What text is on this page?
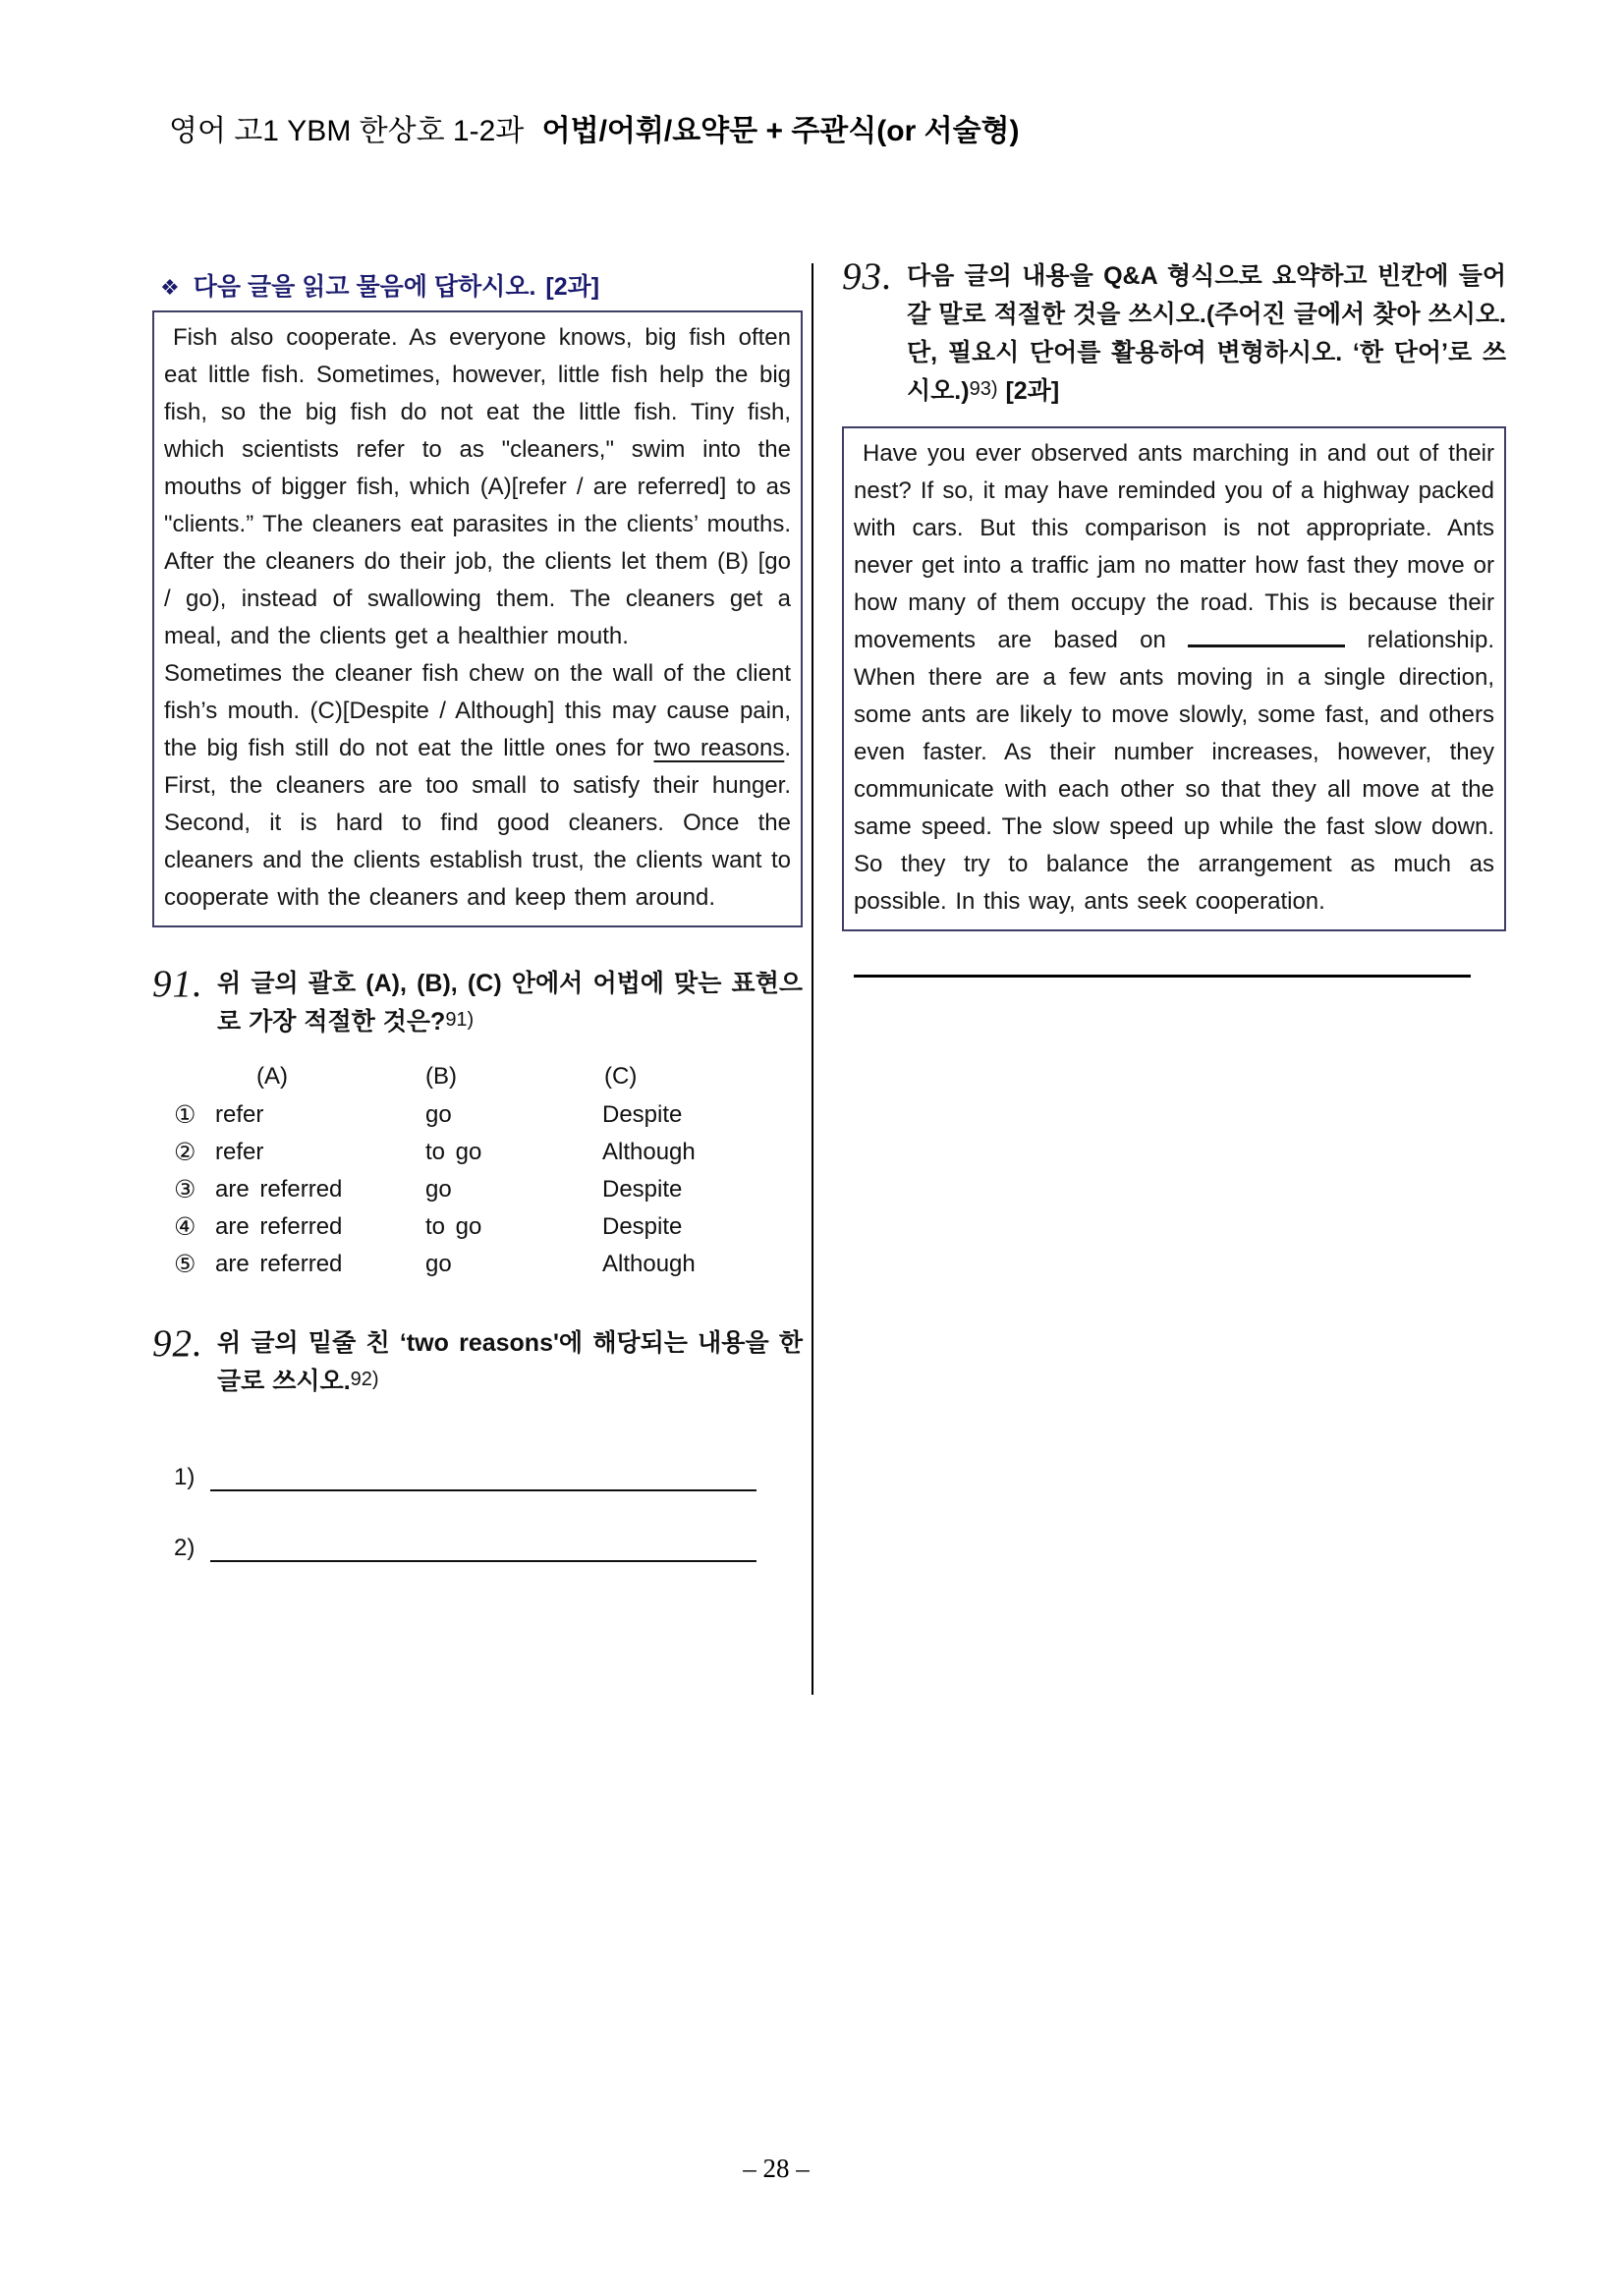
영어 고1 YBM 한상호 1-2과 어법/어휘/요약문 + 주관식(or 서술형)
❖ 다음 글을 읽고 물음에 답하시오. [2과]

Fish also cooperate. As everyone knows, big fish often eat little fish. Sometimes, however, little fish help the big fish, so the big fish do not eat the little fish. Tiny fish, which scientists refer to as "cleaners," swim into the mouths of bigger fish, which (A)[refer / are referred] to as "clients.” The cleaners eat parasites in the clients’ mouths. After the cleaners do their job, the clients let them (B) [go / go), instead of swallowing them. The cleaners get a meal, and the clients get a healthier mouth.

Sometimes the cleaner fish chew on the wall of the client fish’s mouth. (C)[Despite / Although] this may cause pain, the big fish still do not eat the little ones for two reasons. First, the cleaners are too small to satisfy their hunger. Second, it is hard to find good cleaners. Once the cleaners and the clients establish trust, the clients want to cooperate with the cleaners and keep them around.

91. 위 글의 괄호 (A), (B), (C) 안에서 어법에 맞는 표현으로 가장 적절한 것은?91)
(A)	(B)	(C)
① refer	go	Despite
② refer	to go	Although
③ are referred	go	Despite
④ are referred	to go	Despite
⑤ are referred	go	Although
92. 위 글의 밑줄 친 ‘two reasons'에 해당되는 내용을 한글로 쓰시오.92)
1)
2)
93. 다음 글의 내용을 Q&A 형식으로 요약하고 빈칸에 들어갈 말로 적절한 것을 쓰시오.(주어진 글에서 찾아 쓰시오. 단, 필요시 단어를 활용하여 변형하시오. ‘한 단어’로 쓰시오.)93) [2과]

Have you ever observed ants marching in and out of their nest? If so, it may have reminded you of a highway packed with cars. But this comparison is not appropriate. Ants never get into a traffic jam no matter how fast they move or how many of them occupy the road. This is because their movements are based on	relationship. When there are a few ants moving in a single direction, some ants are likely to move slowly, some fast, and others even faster. As their number increases, however, they communicate with each other so that they all move at the same speed. The slow speed up while the fast slow down. So they try to balance the arrangement as much as possible. In this way, ants seek cooperation.

– 28 –
